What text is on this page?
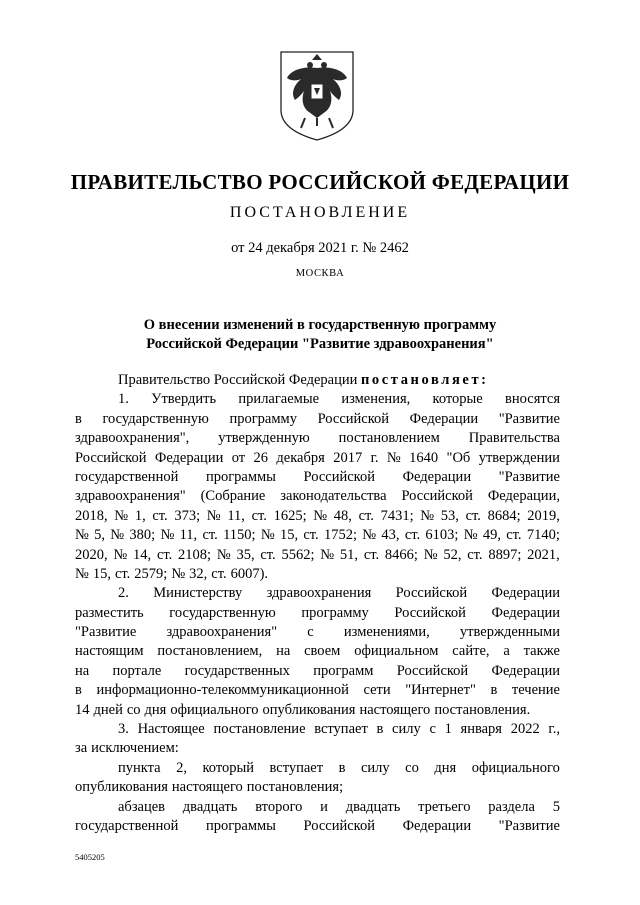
ПРАВИТЕЛЬСТВО РОССИЙСКОЙ ФЕДЕРАЦИИ
ПОСТАНОВЛЕНИЕ
от 24 декабря 2021 г. № 2462
МОСКВА
О внесении изменений в государственную программу
Российской Федерации "Развитие здравоохранения"
Правительство Российской Федерации постановляет:
1. Утвердить прилагаемые изменения, которые вносятся
в государственную программу Российской Федерации "Развитие
здравоохранения", утвержденную постановлением Правительства
Российской Федерации от 26 декабря 2017 г. № 1640 "Об утверждении
государственной программы Российской Федерации "Развитие
здравоохранения" (Собрание законодательства Российской Федерации,
2018, № 1, ст. 373; № 11, ст. 1625; № 48, ст. 7431; № 53, ст. 8684; 2019,
№ 5, № 380; № 11, ст. 1150; № 15, ст. 1752; № 43, ст. 6103; № 49, ст. 7140;
2020, № 14, ст. 2108; № 35, ст. 5562; № 51, ст. 8466; № 52, ст. 8897; 2021,
№ 15, ст. 2579; № 32, ст. 6007).
2. Министерству здравоохранения Российской Федерации
разместить государственную программу Российской Федерации
"Развитие здравоохранения" с изменениями, утвержденными
настоящим постановлением, на своем официальном сайте, а также
на портале государственных программ Российской Федерации
в информационно-телекоммуникационной сети "Интернет" в течение
14 дней со дня официального опубликования настоящего постановления.
3. Настоящее постановление вступает в силу с 1 января 2022 г.,
за исключением:
пункта 2, который вступает в силу со дня официального
опубликования настоящего постановления;
абзацев двадцать второго и двадцать третьего раздела 5
государственной программы Российской Федерации "Развитие
5405205
